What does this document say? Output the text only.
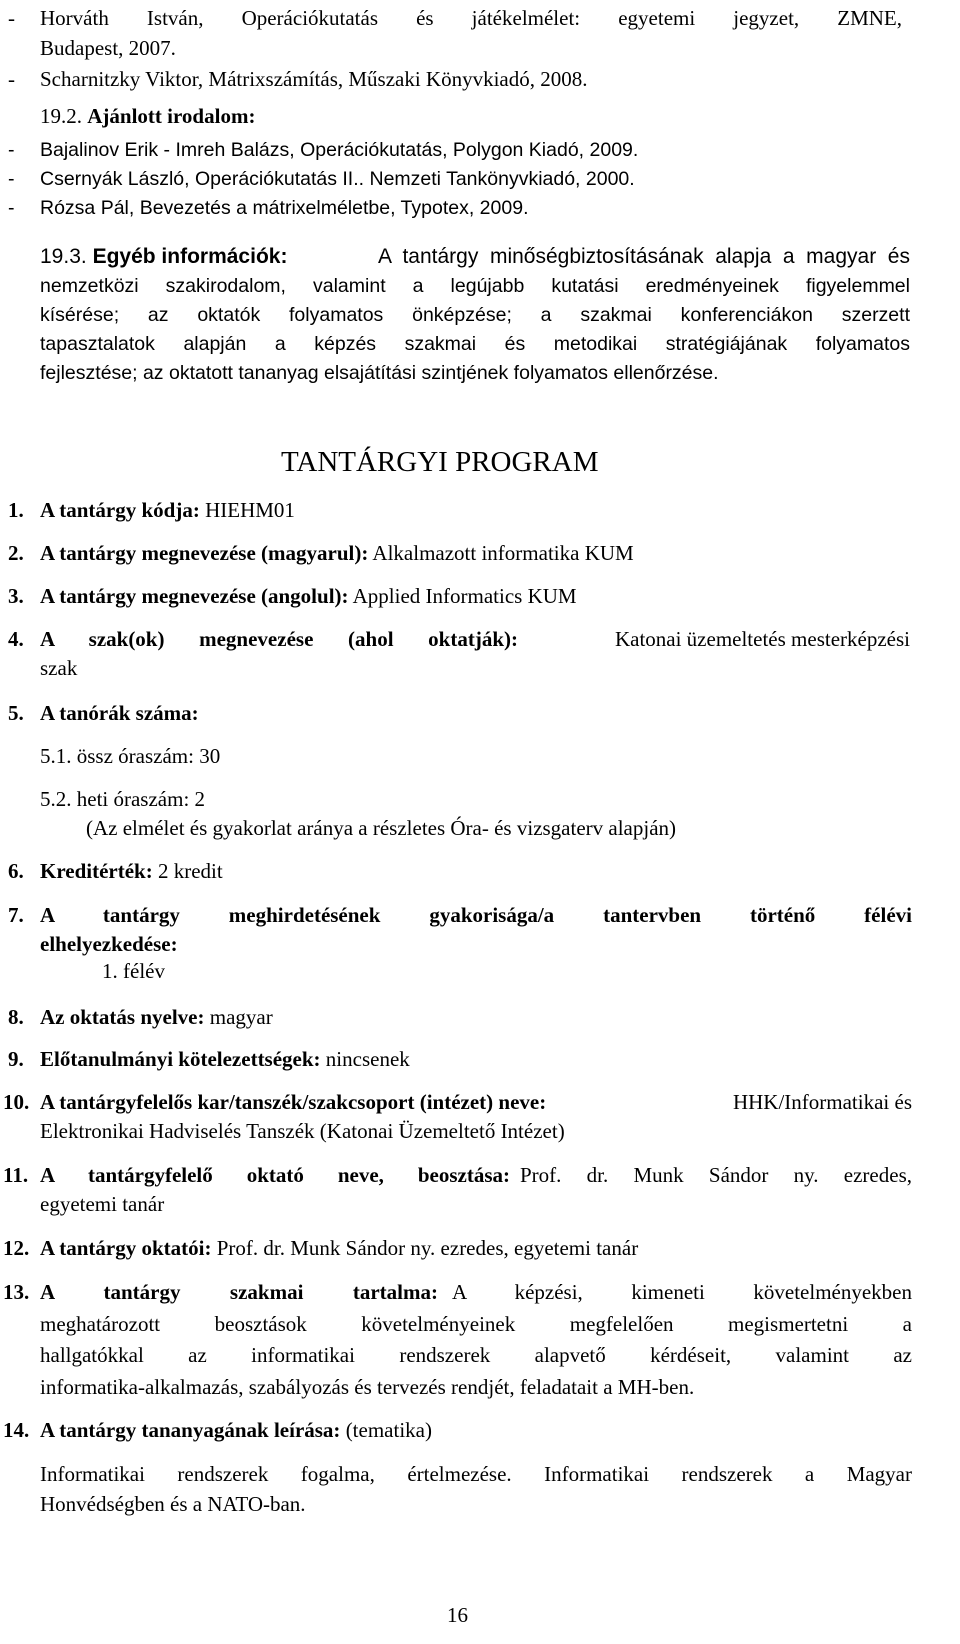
- Horváth István, Operációkutatás és játékelmélet: egyetemi jegyzet, ZMNE,
Budapest, 2007.
- Scharnitzky Viktor, Mátrixszámítás, Műszaki Könyvkiadó, 2008.
19.2. Ajánlott irodalom:
- Bajalinov Erik - Imreh Balázs, Operációkutatás, Polygon Kiadó, 2009.
- Csernyák László, Operációkutatás II.. Nemzeti Tankönyvkiadó, 2000.
- Rózsa Pál, Bevezetés a mátrixelméletbe, Typotex, 2009.
19.3. Egyéb információk:	A tantárgy minőségbiztosításának alapja a magyar és
nemzetközi szakirodalom, valamint a legújabb kutatási eredményeinek figyelemmel
kísérése; az oktatók folyamatos önképzése; a szakmai konferenciákon szerzett
tapasztalatok alapján a képzés szakmai és metodikai stratégiájának folyamatos
fejlesztése; az oktatott tananyag elsajátítási szintjének folyamatos ellenőrzése.
TANTÁRGYI PROGRAM
1. A tantárgy kódja: HIEHM01
2. A tantárgy megnevezése (magyarul): Alkalmazott informatika KUM
3. A tantárgy megnevezése (angolul): Applied Informatics KUM
4. A szak(ok) megnevezése (ahol oktatják):	Katonai üzemeltetés mesterképzési
szak
5. A tanórák száma:
5.1. össz óraszám: 30
5.2. heti óraszám: 2
(Az elmélet és gyakorlat aránya a részletes Óra- és vizsgaterv alapján)
6. Kreditérték: 2 kredit
7. A tantárgy meghirdetésének gyakorisága/a tantervben történő félévi
elhelyezkedése:
1. félév
8. Az oktatás nyelve: magyar
9. Előtanulmányi kötelezettségek: nincsenek
10. A tantárgyfelelős kar/tanszék/szakcsoport (intézet) neve:	HHK/Informatikai és
Elektronikai Hadviselés Tanszék (Katonai Üzemeltető Intézet)
11. A tantárgyfelelő oktató neve, beosztása: Prof. dr. Munk Sándor ny. ezredes,
egyetemi tanár
12. A tantárgy oktatói: Prof. dr. Munk Sándor ny. ezredes, egyetemi tanár
13. A tantárgy szakmai tartalma: A képzési, kimeneti követelményekben
meghatározott beosztások követelményeinek megfelelően megismertetni a
hallgatókkal az informatikai rendszerek alapvető kérdéseit, valamint az
informatika-alkalmazás, szabályozás és tervezés rendjét, feladatait a MH-ben.
14. A tantárgy tananyagának leírása: (tematika)
Informatikai rendszerek fogalma, értelmezése. Informatikai rendszerek a Magyar
Honvédségben és a NATO-ban.
16
